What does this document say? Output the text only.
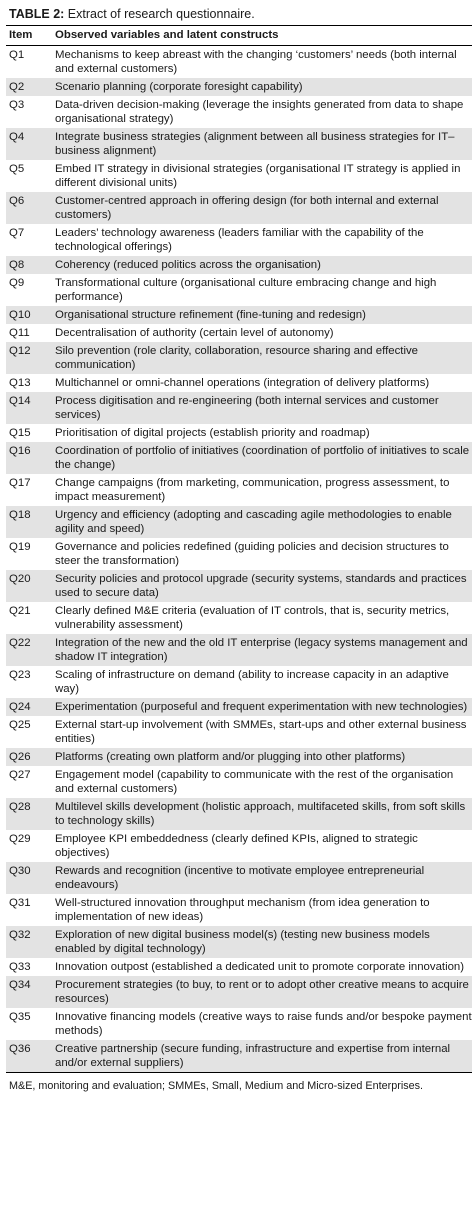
TABLE 2: Extract of research questionnaire.
Item	Observed variables and latent constructs
Q1	Mechanisms to keep abreast with the changing ‘customers’ needs (both internal and external customers)
Q2	Scenario planning (corporate foresight capability)
Q3	Data-driven decision-making (leverage the insights generated from data to shape organisational strategy)
Q4	Integrate business strategies (alignment between all business strategies for IT–business alignment)
Q5	Embed IT strategy in divisional strategies (organisational IT strategy is applied in different divisional units)
Q6	Customer-centred approach in offering design (for both internal and external customers)
Q7	Leaders’ technology awareness (leaders familiar with the capability of the technological offerings)
Q8	Coherency (reduced politics across the organisation)
Q9	Transformational culture (organisational culture embracing change and high performance)
Q10	Organisational structure refinement (fine-tuning and redesign)
Q11	Decentralisation of authority (certain level of autonomy)
Q12	Silo prevention (role clarity, collaboration, resource sharing and effective communication)
Q13	Multichannel or omni-channel operations (integration of delivery platforms)
Q14	Process digitisation and re-engineering (both internal services and customer services)
Q15	Prioritisation of digital projects (establish priority and roadmap)
Q16	Coordination of portfolio of initiatives (coordination of portfolio of initiatives to scale the change)
Q17	Change campaigns (from marketing, communication, progress assessment, to impact measurement)
Q18	Urgency and efficiency (adopting and cascading agile methodologies to enable agility and speed)
Q19	Governance and policies redefined (guiding policies and decision structures to steer the transformation)
Q20	Security policies and protocol upgrade (security systems, standards and practices used to secure data)
Q21	Clearly defined M&E criteria (evaluation of IT controls, that is, security metrics, vulnerability assessment)
Q22	Integration of the new and the old IT enterprise (legacy systems management and shadow IT integration)
Q23	Scaling of infrastructure on demand (ability to increase capacity in an adaptive way)
Q24	Experimentation (purposeful and frequent experimentation with new technologies)
Q25	External start-up involvement (with SMMEs, start-ups and other external business entities)
Q26	Platforms (creating own platform and/or plugging into other platforms)
Q27	Engagement model (capability to communicate with the rest of the organisation and external customers)
Q28	Multilevel skills development (holistic approach, multifaceted skills, from soft skills to technology skills)
Q29	Employee KPI embeddedness (clearly defined KPIs, aligned to strategic objectives)
Q30	Rewards and recognition (incentive to motivate employee entrepreneurial endeavours)
Q31	Well-structured innovation throughput mechanism (from idea generation to implementation of new ideas)
Q32	Exploration of new digital business model(s) (testing new business models enabled by digital technology)
Q33	Innovation outpost (established a dedicated unit to promote corporate innovation)
Q34	Procurement strategies (to buy, to rent or to adopt other creative means to acquire resources)
Q35	Innovative financing models (creative ways to raise funds and/or bespoke payment methods)
Q36	Creative partnership (secure funding, infrastructure and expertise from internal and/or external suppliers)
M&E, monitoring and evaluation; SMMEs, Small, Medium and Micro-sized Enterprises.
